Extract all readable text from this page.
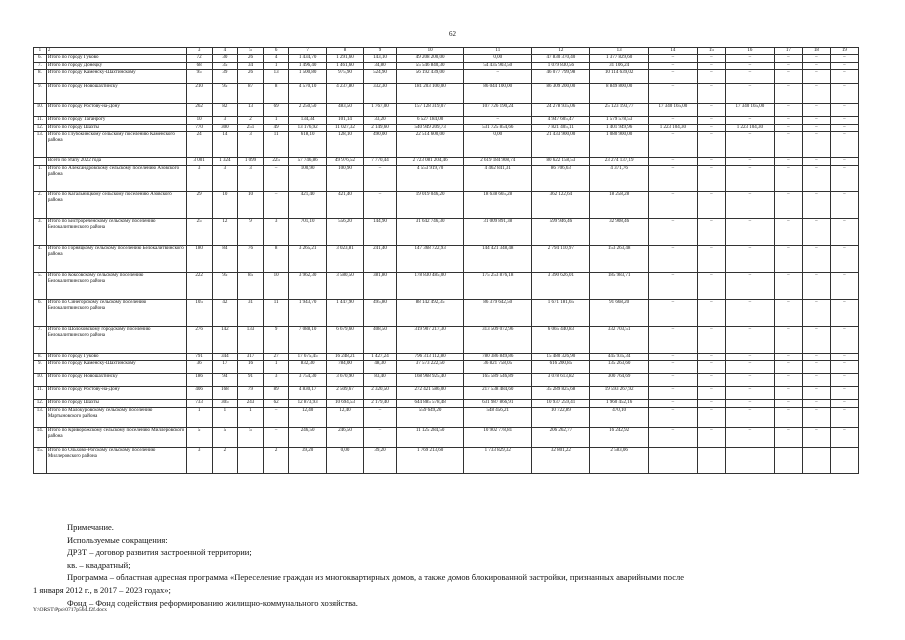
62
1	2	3	4	5	6	7	8	9	10	11	12	13	14	15	16	17	18	19
6.	Итого по городу Гуково	72	30	26	4	1 434,70	1 291,60	143,10	49 208 200,00	0,00	47 830 370,40	1 377 829,60	–	–	–	–	–	–
7.	Итого по городу Донецку	68	35	34	1	1 496,40	1 461,60	34,80	55 546 840,30	54 435 903,50	1 079 830,56	31 106,24	–	–	–	–	–	–
8.	Итого по городу Каменску-Шахтинскому	95	39	26	13	1 500,80	975,90	524,90	56 192 439,00	–	46 077 799,98	10 114 639,02	–	–	–	–	–	–
9.	Итого по городу Новошахтинску	210	95	87	8	4 570,10	4 237,80	332,30	181 203 100,00	86 044 100,00	86 309 200,00	8 849 800,00	–	–	–	–	–	–
10.	Итого по городу Ростову-на-Дону	262	82	13	69	2 250,50	483,50	1 767,00	157 128 319,07	107 726 190,24	24 278 935,06	25 123 193,77	17 340 165,00	–	17 340 165,00	–	–	–
11.	Итого по городу Таганрогу	10	3	2	1	134,34	101,14	33,20	6 527 184,00	–	4 947 605,47	1 579 578,53	–	–	–	–	–	–
12.	Итого по городу Шахты	770	300	251	49	13 176,92	11 027,32	2 149,60	540 949 209,73	531 725 854,66	7 821 405,11	1 401 949,96	1 223 104,30	–	1 223 104,30	–	–	–
13.	Итого по Глубокинскому сельскому поселению Каменского района	24	14	3	11	618,10	128,10	490,00	22 514 600,00	0,00	21 433 900,00	1 080 900,00	–	–	–	–	–	–
	Всего по этапу 2022 года	3 001	1 324	1 099	225	57 746,86	49 976,52	7 770,44	2 723 081 204,46	2 619 184 908,74	80 622 158,53	23 274 137,19	–	–	–	–	–	–
1.	Итого по Александровскому сельскому поселению Азовского района	3	3	3	–	100,90	100,90	–	4 553 919,70	4 462 841,31	86 706,63	4 371,76	–	–	–	–	–	–
2.	Итого по Кагальницкому сельскому поселению Азовского района	29	10	10	–	421,40	421,40	–	19 019 046,20	18 638 665,28	362 122,64	18 258,28	–	–	–	–	–	–
3.	Итого по Бистрореченскому сельскому поселению Белокалитвинского района	25	12	9	3	701,10	556,20	144,90	31 642 746,30	31 009 891,38	599 946,46	32 908,46	–	–	–	–	–	–
4.	Итого по Горняцкому сельскому поселению Белокалитвинского района	180	84	76	8	3 265,21	3 023,81	241,40	147 368 722,93	144 421 348,48	2 794 110,97	153 263,48	–	–	–	–	–	–
5.	Итого по Коксовскому сельскому поселению Белокалитвинского района	222	95	85	10	3 962,30	3 580,50	381,80	178 830 485,00	175 253 876,18	3 390 626,01	185 983,71	–	–	–	–	–	–
6.	Итого по Синегорскому сельскому поселению Белокалитвинского района	105	42	31	11	1 943,70	1 447,90	495,80	88 142 492,35	86 379 642,50	1 671 181,65	91 668,20	–	–	–	–	–	–
7.	Итого по Шолоховскому городскому поселению Белокалитвинского района	276	142	133	9	7 088,10	6 679,60	408,50	319 907 217,30	313 509 072,96	6 065 440,83	332 703,51	–	–	–	–	–	–
8.	Итого по городу Гуково	791	344	317	27	17 675,45	16 248,21	1 427,24	796 313 112,80	780 386 849,86	15 480 326,90	445 935,34	–	–	–	–	–	–
9.	Итого по городу Каменску-Шахтинскому	36	17	16	1	832,30	784,00	48,30	37 573 222,50	36 821 758,05	616 200,85	135 263,60	–	–	–	–	–	–
10.	Итого по городу Новошахтинску	186	94	91	3	3 754,30	3 670,90	83,40	168 968 925,40	165 589 546,89	3 078 613,82	300 764,69	–	–	–	–	–	–
11.	Итого по городу Ростову-на-Дону	406	168	79	89	4 830,17	2 509,67	2 320,50	272 421 586,00	217 538 484,60	35 289 825,68	19 593 267,92	–	–	–	–	–	–
12.	Итого по городу Шахты	733	305	243	62	12 873,93	10 694,53	2 179,40	644 885 578,48	631 987 866,91	10 937 259,41	1 960 452,16	–	–	–	–	–	–
13.	Итого по Малокуровскому сельскому поселению Мартыновского района	1	1	1	–	12,40	12,40	–	559 649,20	548 456,21	10 722,89	470,10	–	–	–	–	–	–
14.	Итого по Криворожскому сельскому поселению Миллеровского района	5	5	5	–	246,50	246,50	–	11 125 284,50	10 902 778,81	206 262,77	16 242,92	–	–	–	–	–	–
15.	Итого по Ольхово-Рогскому сельскому поселению Миллеровского района	3	2		2	39,20	0,00	39,20	1 769 213,60	1 733 829,32	32 801,22	2 583,06						
Примечание.
Используемые сокращения:
ДРЗТ – договор развития застроенной территории;
кв. – квадратный;
Программа – областная адресная программа «Переселение граждан из многоквартирных домов, а также домов блокированной застройки, признанных аварийными после
1 января 2012 г., в 2017 – 2023 годах»;
Фонд – Фонд содействия реформированию жилищно-коммунального хозяйства.
Y:\ORST\Ppo\0717p564.f2f.docx
